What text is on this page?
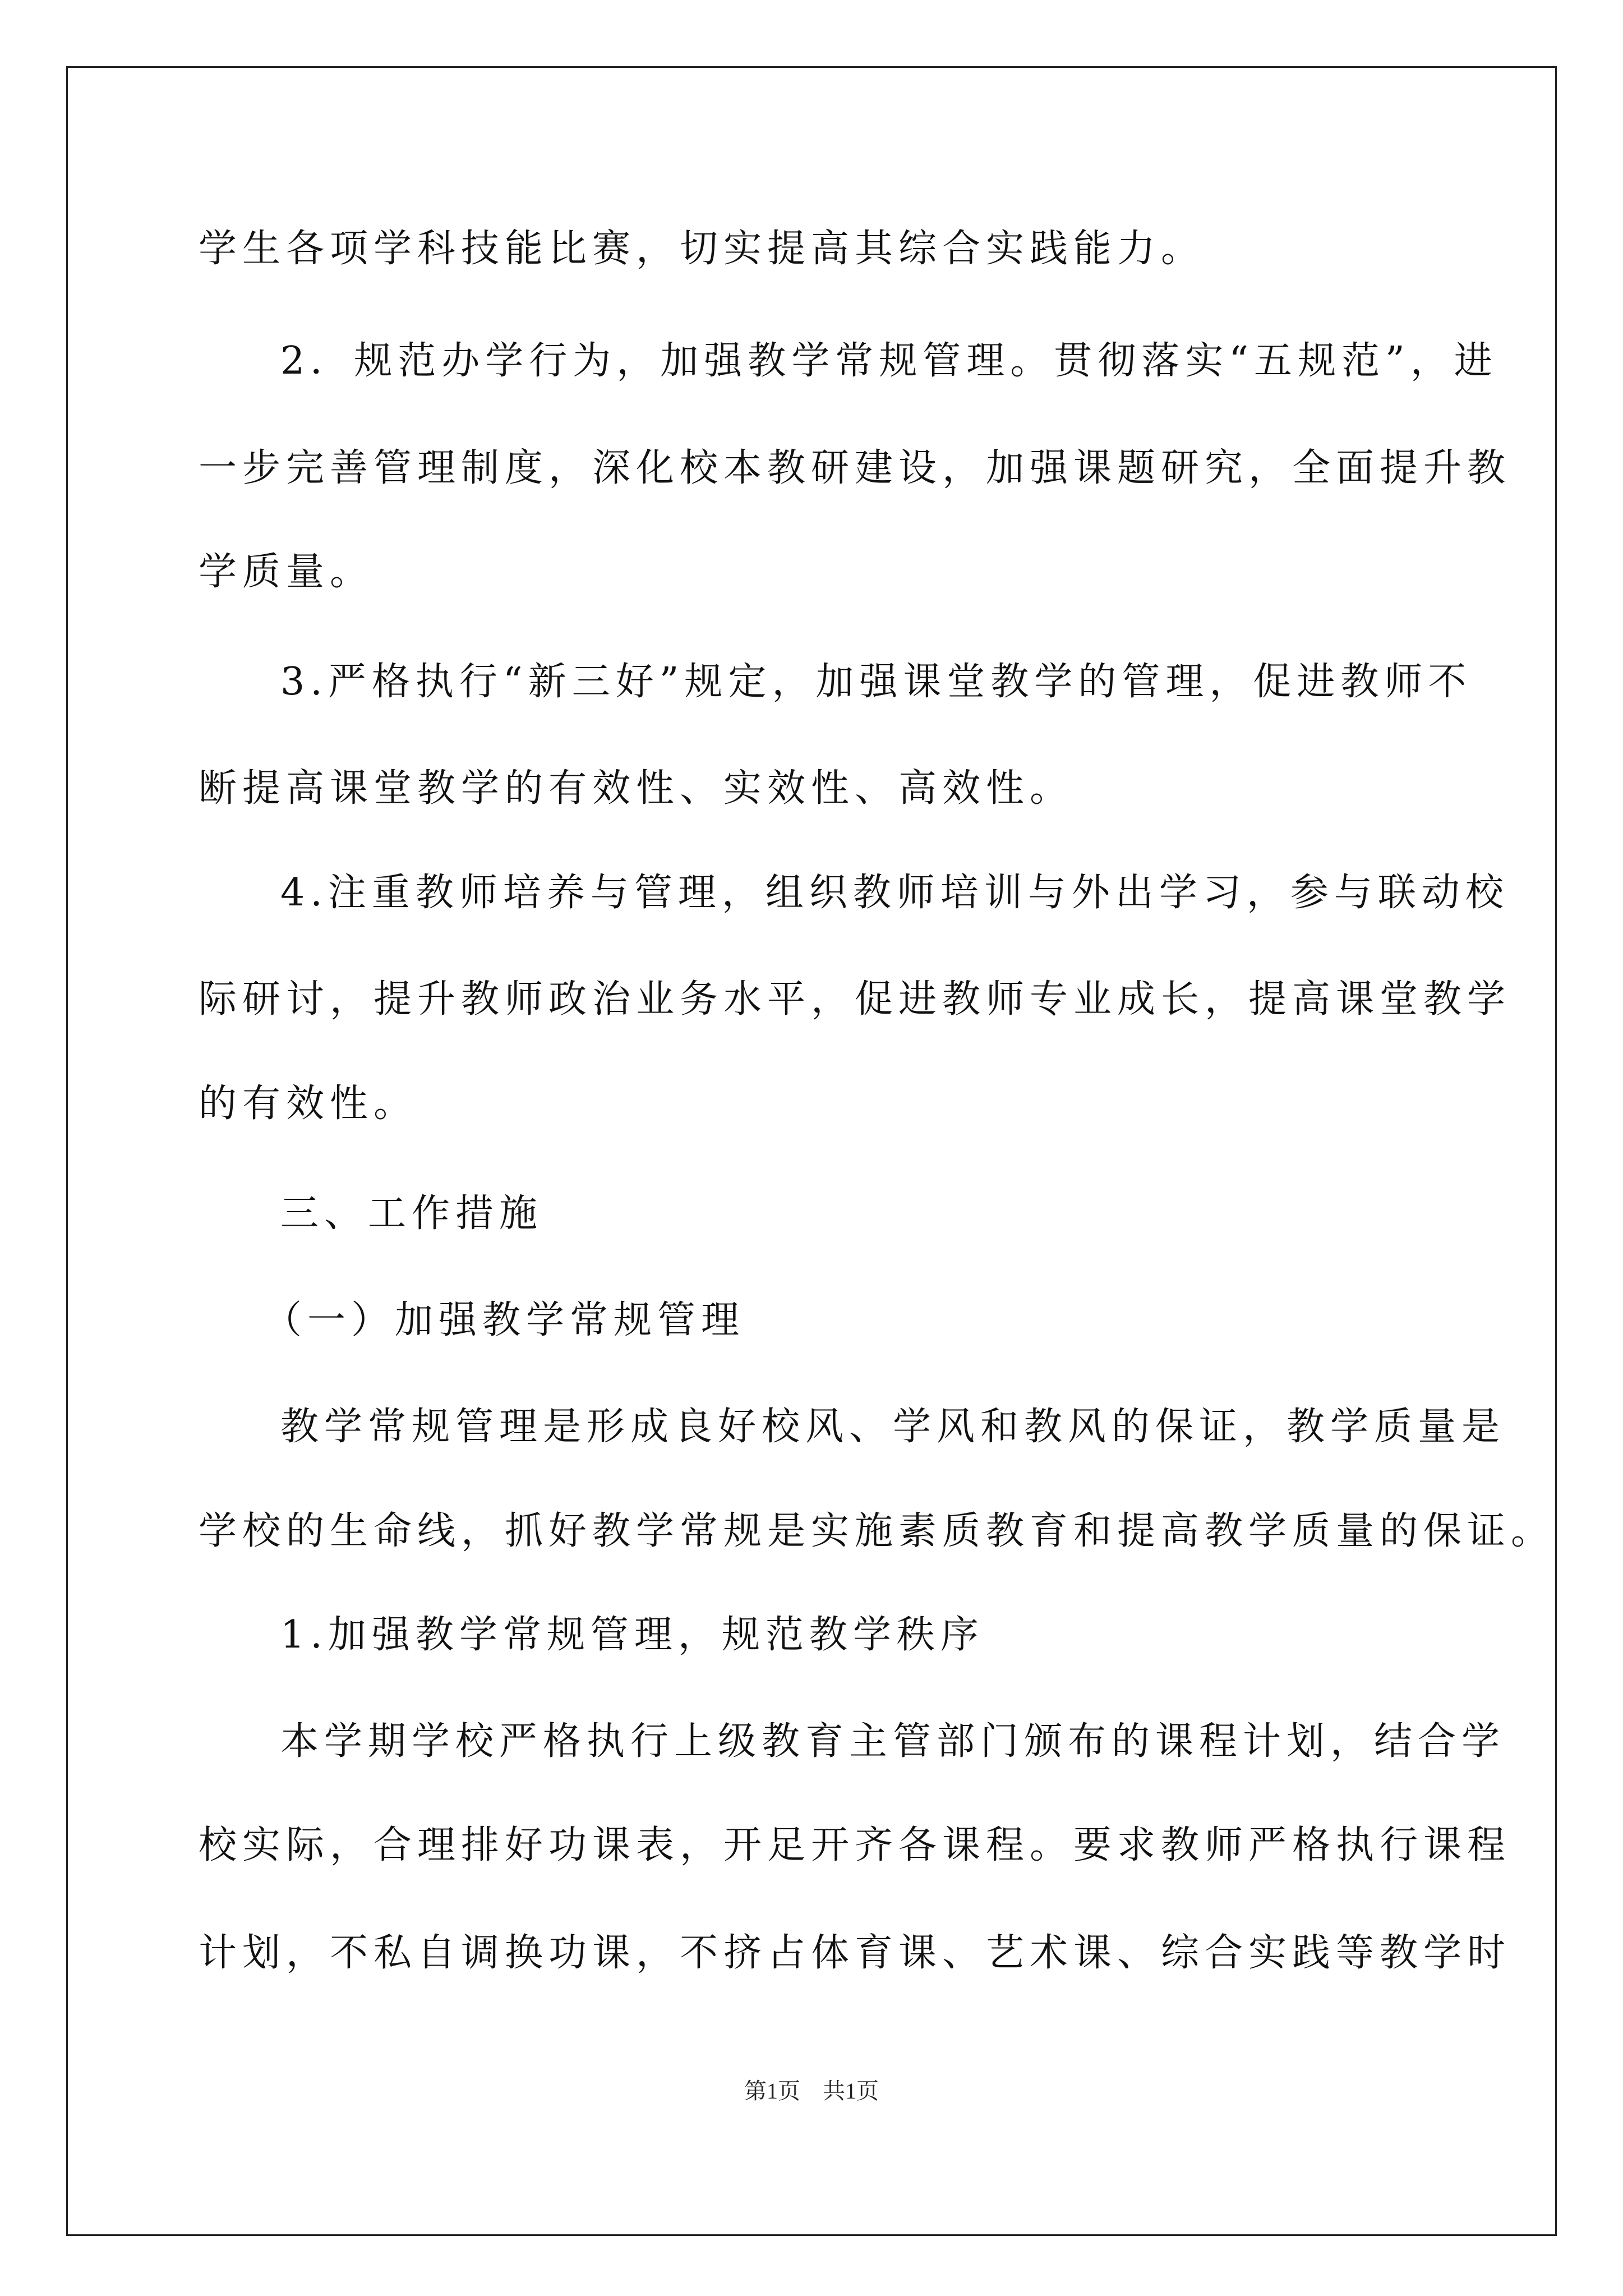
学生各项学科技能比赛，切实提高其综合实践能力。
2．规范办学行为，加强教学常规管理。贯彻落实“五规范”，进
一步完善管理制度，深化校本教研建设，加强课题研究，全面提升教
学质量。
3.严格执行“新三好”规定，加强课堂教学的管理，促进教师不
断提高课堂教学的有效性、实效性、高效性。
4.注重教师培养与管理，组织教师培训与外出学习，参与联动校
际研讨，提升教师政治业务水平，促进教师专业成长，提高课堂教学
的有效性。
三、工作措施
（一）加强教学常规管理
教学常规管理是形成良好校风、学风和教风的保证，教学质量是
学校的生命线，抓好教学常规是实施素质教育和提高教学质量的保证。
1.加强教学常规管理，规范教学秩序
本学期学校严格执行上级教育主管部门颁布的课程计划，结合学
校实际，合理排好功课表，开足开齐各课程。要求教师严格执行课程
计划，不私自调换功课，不挤占体育课、艺术课、综合实践等教学时
第1页　共1页
